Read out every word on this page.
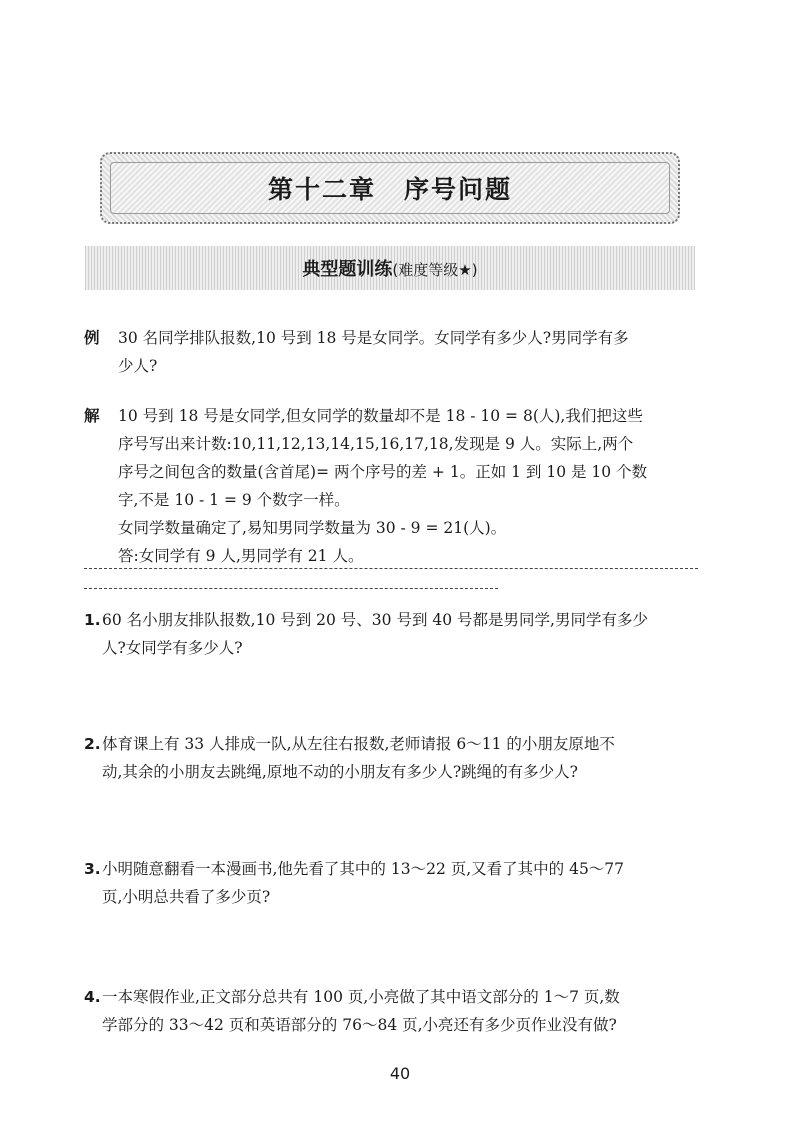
第十二章 序号问题
典型题训练(难度等级★)
例 30 名同学排队报数,10 号到 18 号是女同学。女同学有多少人?男同学有多

少人?

解 10 号到 18 号是女同学,但女同学的数量却不是 18 - 10 = 8(人),我们把这些

序号写出来计数:10,11,12,13,14,15,16,17,18,发现是 9 人。实际上,两个

序号之间包含的数量(含首尾)= 两个序号的差 + 1。正如 1 到 10 是 10 个数

字,不是 10 - 1 = 9 个数字一样。

女同学数量确定了,易知男同学数量为 30 - 9 = 21(人)。

答:女同学有 9 人,男同学有 21 人。

1. 60 名小朋友排队报数,10 号到 20 号、30 号到 40 号都是男同学,男同学有多少

人?女同学有多少人?

2. 体育课上有 33 人排成一队,从左往右报数,老师请报 6～11 的小朋友原地不

动,其余的小朋友去跳绳,原地不动的小朋友有多少人?跳绳的有多少人?

3. 小明随意翻看一本漫画书,他先看了其中的 13～22 页,又看了其中的 45～77

页,小明总共看了多少页?

4. 一本寒假作业,正文部分总共有 100 页,小亮做了其中语文部分的 1～7 页,数

学部分的 33～42 页和英语部分的 76～84 页,小亮还有多少页作业没有做?

40
